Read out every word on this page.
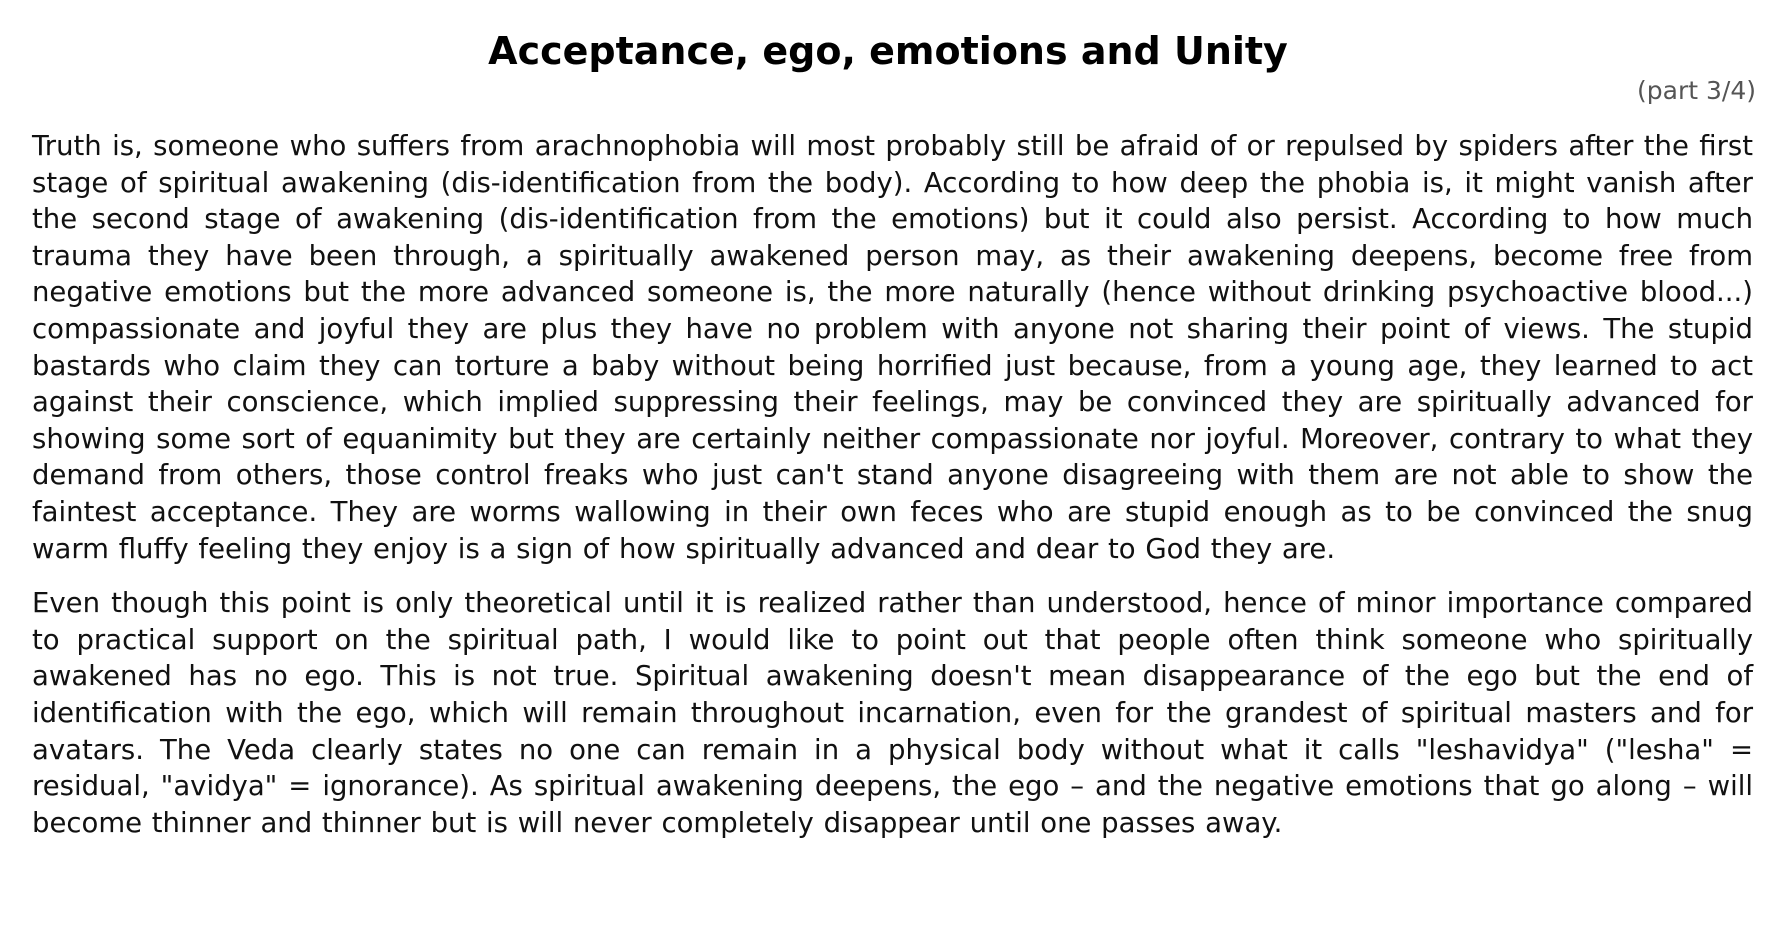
Acceptance, ego, emotions and Unity
(part 3/4)

Truth is, someone who suffers from arachnophobia will most probably still be afraid of or repulsed by spiders after the first stage of spiritual awakening (dis-identification from the body). According to how deep the phobia is, it might vanish after the second stage of awakening (dis-identification from the emotions) but it could also persist. According to how much trauma they have been through, a spiritually awakened person may, as their awakening deepens, become free from negative emotions but the more advanced someone is, the more naturally (hence without drinking psychoactive blood...) compassionate and joyful they are plus they have no problem with anyone not sharing their point of views. The stupid bastards who claim they can torture a baby without being horrified just because, from a young age, they learned to act against their conscience, which implied suppressing their feelings, may be convinced they are spiritually advanced for showing some sort of equanimity but they are certainly neither compassionate nor joyful. Moreover, contrary to what they demand from others, those control freaks who just can't stand anyone disagreeing with them are not able to show the faintest acceptance. They are worms wallowing in their own feces who are stupid enough as to be convinced the snug warm fluffy feeling they enjoy is a sign of how spiritually advanced and dear to God they are.

Even though this point is only theoretical until it is realized rather than understood, hence of minor importance compared to practical support on the spiritual path, I would like to point out that people often think someone who spiritually awakened has no ego. This is not true. Spiritual awakening doesn't mean disappearance of the ego but the end of identification with the ego, which will remain throughout incarnation, even for the grandest of spiritual masters and for avatars. The Veda clearly states no one can remain in a physical body without what it calls "leshavidya" ("lesha" = residual, "avidya" = ignorance). As spiritual awakening deepens, the ego – and the negative emotions that go along – will become thinner and thinner but is will never completely disappear until one passes away.
